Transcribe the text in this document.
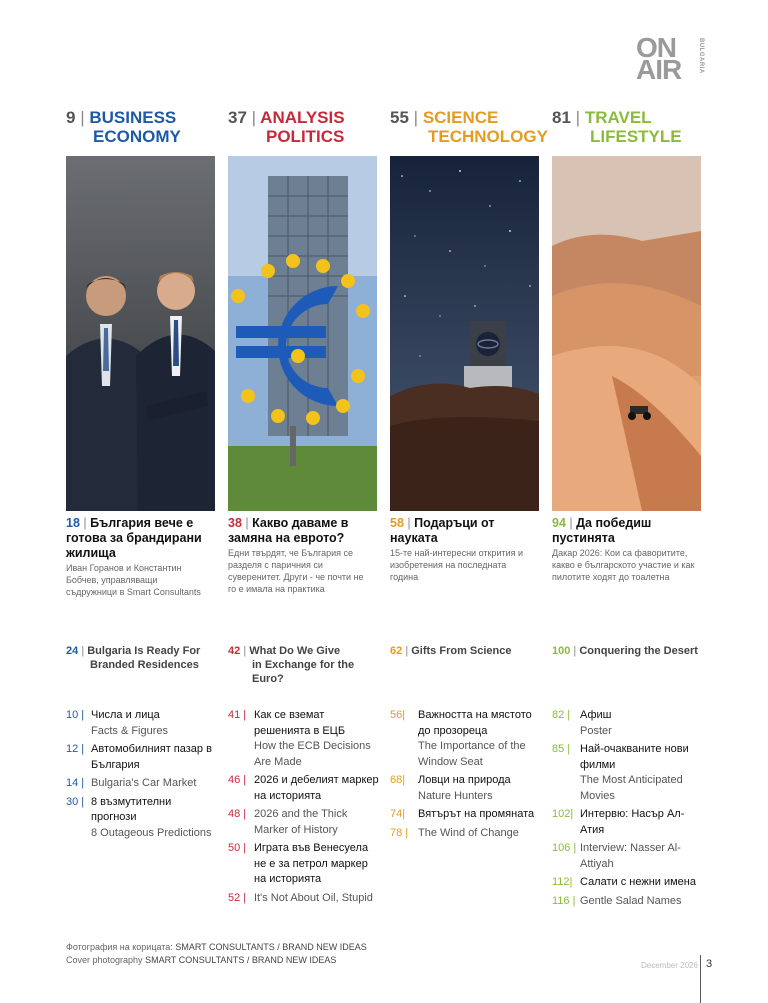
ON
AIR	BULGARIA
9 | BUSINESS
ECONOMY
37 | ANALYSIS
POLITICS
55 | SCIENCE
TECHNOLOGY
81 | TRAVEL
LIFESTYLE
18 | България вече е готова за брандирани жилища
Иван Горанов и Константин Бобчев, управляващи съдружници в Smart Consultants
38 | Какво даваме в замяна на еврото?
Едни твърдят, че България се разделя с паричния си суверенитет. Други - че почти не го е имала на практика
58 | Подаръци от науката
15-те най-интересни открития и изобретения на последната година
94 | Да победиш пустинята
Дакар 2026: Кои са фаворитите, какво е българското участие и как пилотите ходят до тоалетна
24 | Bulgaria Is Ready For
Branded Residences
42 | What Do We Give
in Exchange for the
Euro?
62 | Gifts From Science	100 | Conquering the Desert
10 | Числа и лица
Facts & Figures
12 | Автомобилният пазар в България
14 | Bulgaria's Car Market
30 | 8 възмутителни прогнози
8 Outageous Predictions
41 | Как се вземат решенията в ЕЦБ
How the ECB Decisions Are Made
46 | 2026 и дебелият маркер на историята
48 | 2026 and the Thick Marker of History
50 | Играта във Венесуела не е за петрол маркер на историята
52 | It's Not About Oil, Stupid
56| Важността на мястото до прозореца
The Importance of the Window Seat
68| Ловци на природа
Nature Hunters
74| Вятърът на промяната
78 | The Wind of Change
82 | Афиш
Poster
85 | Най-очакваните нови филми
The Most Anticipated Movies
102| Интервю: Насър Ал-Атия
106 | Interview: Nasser Al-Attiyah
112| Салати с нежни имена
116 | Gentle Salad Names
Фотография на корицата: SMART CONSULTANTS / BRAND NEW IDEAS
Cover photography SMART CONSULTANTS / BRAND NEW IDEAS
December 2026 3
